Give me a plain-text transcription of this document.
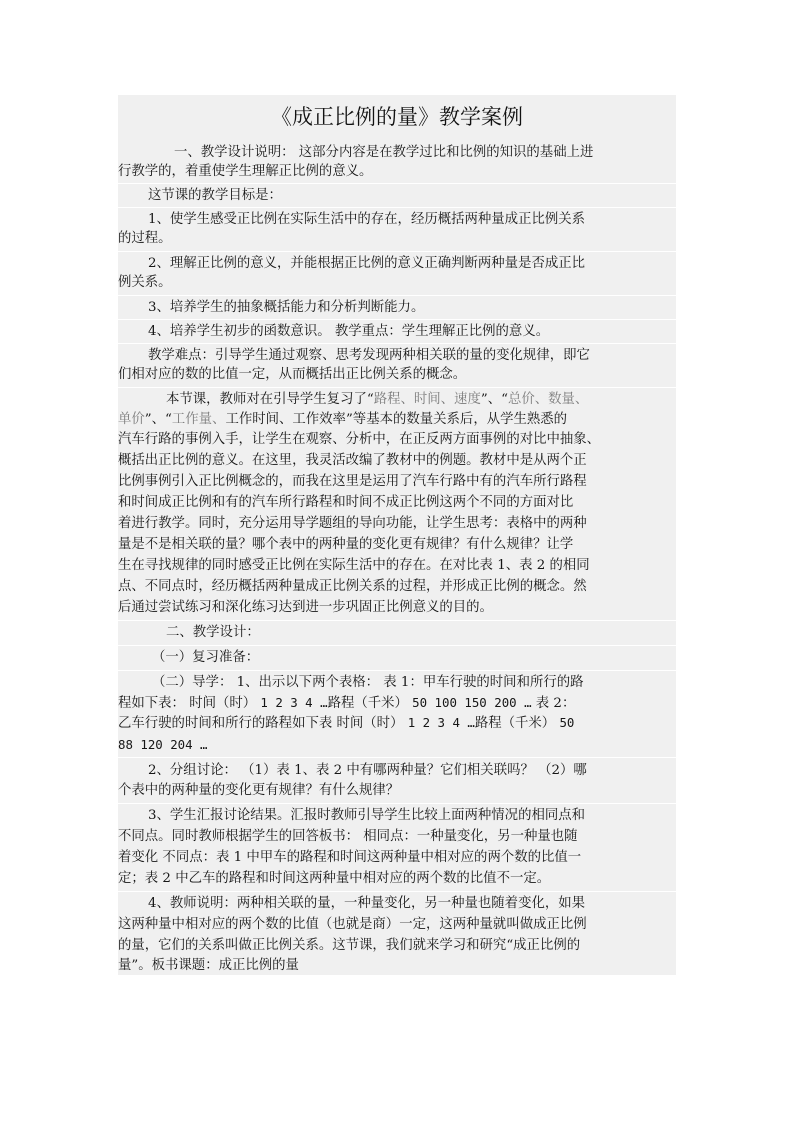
《成正比例的量》教学案例
一、教学设计说明： 这部分内容是在教学过比和比例的知识的基础上进
行教学的，着重使学生理解正比例的意义。
这节课的教学目标是：
1、使学生感受正比例在实际生活中的存在，经历概括两种量成正比例关系
的过程。
2、理解正比例的意义，并能根据正比例的意义正确判断两种量是否成正比
例关系。
3、培养学生的抽象概括能力和分析判断能力。
4、培养学生初步的函数意识。 教学重点：学生理解正比例的意义。
教学难点：引导学生通过观察、思考发现两种相关联的量的变化规律，即它
们相对应的数的比值一定，从而概括出正比例关系的概念。
本节课，教师对在引导学生复习了“路程、时间、速度”、“总价、数量、
单价”、“工作量、工作时间、工作效率”等基本的数量关系后，从学生熟悉的
汽车行路的事例入手，让学生在观察、分析中，在正反两方面事例的对比中抽象、
概括出正比例的意义。在这里，我灵活改编了教材中的例题。教材中是从两个正
比例事例引入正比例概念的，而我在这里是运用了汽车行路中有的汽车所行路程
和时间成正比例和有的汽车所行路程和时间不成正比例这两个不同的方面对比
着进行教学。同时，充分运用导学题组的导向功能，让学生思考：表格中的两种
量是不是相关联的量？哪个表中的两种量的变化更有规律？有什么规律？让学
生在寻找规律的同时感受正比例在实际生活中的存在。在对比表 1、表 2 的相同
点、不同点时，经历概括两种量成正比例关系的过程，并形成正比例的概念。然
后通过尝试练习和深化练习达到进一步巩固正比例意义的目的。
二、教学设计：
（一）复习准备：
（二）导学： 1、出示以下两个表格： 表 1：甲车行驶的时间和所行的路
程如下表： 时间（时） 1 2 3 4 …路程（千米） 50 100 150 200 … 表 2：
乙车行驶的时间和所行的路程如下表 时间（时） 1 2 3 4 …路程（千米） 50
88 120 204 …
2、分组讨论： （1）表 1、表 2 中有哪两种量？它们相关联吗？ （2）哪
个表中的两种量的变化更有规律？有什么规律？
3、学生汇报讨论结果。汇报时教师引导学生比较上面两种情况的相同点和
不同点。同时教师根据学生的回答板书： 相同点：一种量变化，另一种量也随
着变化 不同点：表 1 中甲车的路程和时间这两种量中相对应的两个数的比值一
定；表 2 中乙车的路程和时间这两种量中相对应的两个数的比值不一定。
4、教师说明：两种相关联的量，一种量变化，另一种量也随着变化，如果
这两种量中相对应的两个数的比值（也就是商）一定，这两种量就叫做成正比例
的量，它们的关系叫做正比例关系。这节课，我们就来学习和研究“成正比例的
量”。板书课题：成正比例的量
